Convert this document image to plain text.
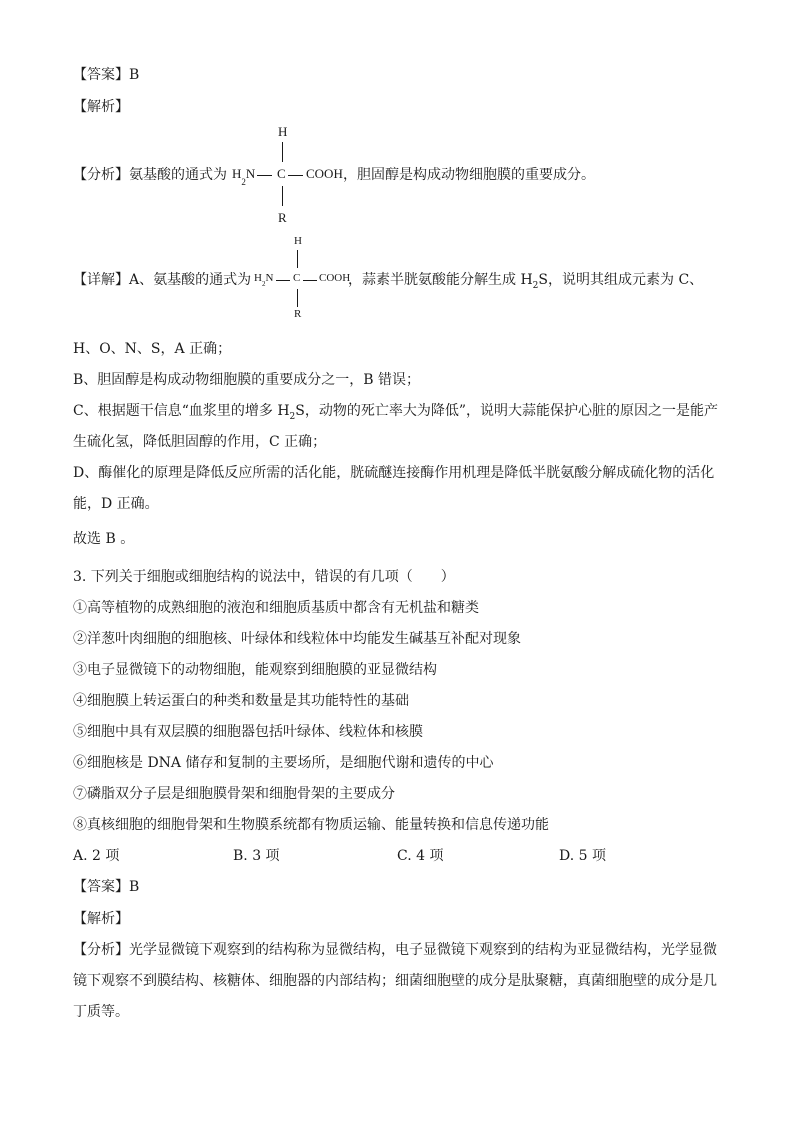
【答案】B
【解析】
【分析】氨基酸的通式为
H
$H_2N$ C COOH
R
，胆固醇是构成动物细胞膜的重要成分。
【详解】A、氨基酸的通式为
H
$H_2N$ C COOH
R
，蒜素半胱氨酸能分解生成 $H_2S$，说明其组成元素为 C、
H、O、N、S，A 正确；
B、胆固醇是构成动物细胞膜的重要成分之一，B 错误；
C、根据题干信息“血浆里的增多 $H_2S$，动物的死亡率大为降低”，说明大蒜能保护心脏的原因之一是能产
生硫化氢，降低胆固醇的作用，C 正确；
D、酶催化的原理是降低反应所需的活化能，胱硫醚连接酶作用机理是降低半胱氨酸分解成硫化物的活化
能，D 正确。
故选 B 。
3. 下列关于细胞或细胞结构的说法中，错误的有几项（　　）
①高等植物的成熟细胞的液泡和细胞质基质中都含有无机盐和糖类
②洋葱叶肉细胞的细胞核、叶绿体和线粒体中均能发生碱基互补配对现象
③电子显微镜下的动物细胞，能观察到细胞膜的亚显微结构
④细胞膜上转运蛋白的种类和数量是其功能特性的基础
⑤细胞中具有双层膜的细胞器包括叶绿体、线粒体和核膜
⑥细胞核是 DNA 储存和复制的主要场所，是细胞代谢和遗传的中心
⑦磷脂双分子层是细胞膜骨架和细胞骨架的主要成分
⑧真核细胞的细胞骨架和生物膜系统都有物质运输、能量转换和信息传递功能
A. 2 项	B. 3 项	C. 4 项	D. 5 项
【答案】B
【解析】
【分析】光学显微镜下观察到的结构称为显微结构，电子显微镜下观察到的结构为亚显微结构，光学显微
镜下观察不到膜结构、核糖体、细胞器的内部结构；细菌细胞壁的成分是肽聚糖，真菌细胞壁的成分是几
丁质等。
